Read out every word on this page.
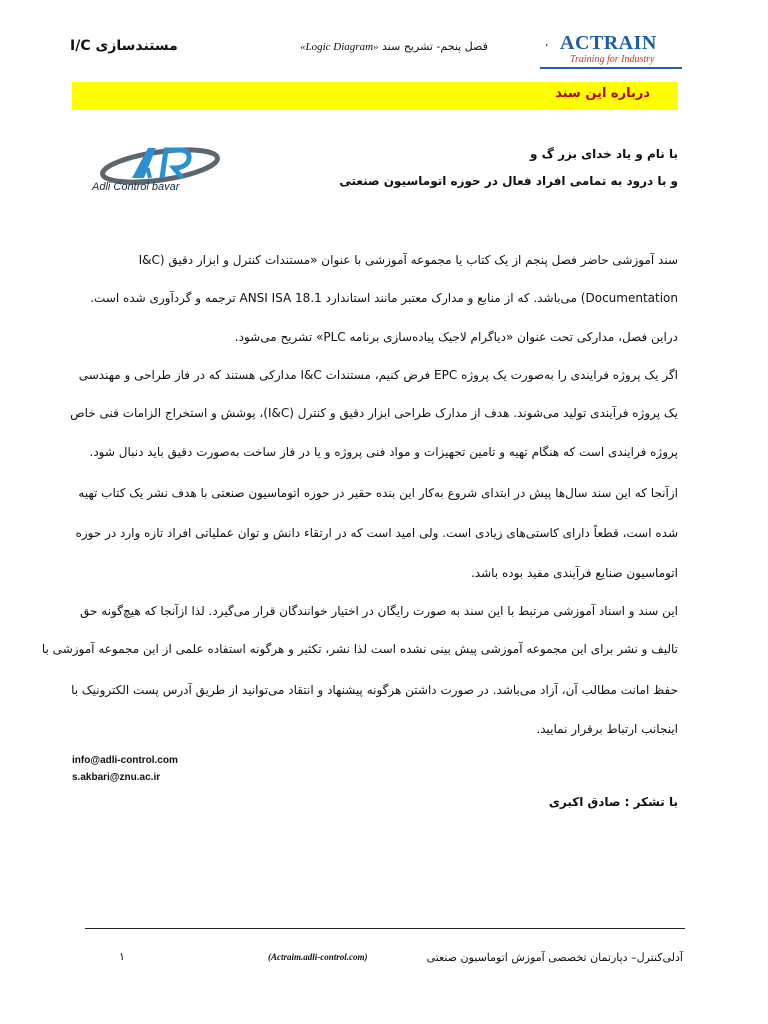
مستندسازی I/C	فصل پنجم- تشریح سند «Logic Diagram»	، ACTRAIN
Training for Industry
درباره این سند
Adli Control bavar
با نام و یاد خدای بزر گ و
و با درود به تمامی افراد فعال در حوزه اتوماسیون صنعتی
سند آموزشی حاضر فصل پنجم از یک کتاب یا مجموعه آموزشی با عنوان «مستندات کنترل و ابزار دقیق (I&C
Documentation) می‌باشد. که از منابع و مدارک معتبر مانند استاندارد ANSI ISA 18.1 ترجمه و گردآوری شده است.
دراین فصل، مدارکی تحت عنوان «دیاگرام لاجیک پیاده‌سازی برنامه PLC» تشریح می‌شود.
اگر یک پروژه فرایندی را به‌صورت یک پروژه EPC فرض کنیم، مستندات I&C مدارکی هستند که در فاز طراحی و مهندسی
یک پروژه فرآیندی تولید می‌شوند. هدف از مدارک طراحی ابزار دقیق و کنترل (I&C)، پوشش و استخراج الزامات فنی خاص
پروژه فرایندی است که هنگام تهیه و تامین تجهیزات و مواد فنی پروژه و یا در فاز ساخت به‌صورت دقیق باید دنبال شود.
ازآنجا که این سند سال‌ها پیش در ابتدای شروع به‌کار این بنده حقیر در حوزه اتوماسیون صنعتی با هدف نشر یک کتاب تهیه
شده است، قطعاً دارای کاستی‌های زیادی است. ولی امید است که در ارتقاء دانش و توان عملیاتی افراد تازه وارد در حوزه
اتوماسیون صنایع فرآیندی مفید بوده باشد.
این سند و اسناد آموزشی مرتبط با این سند به صورت رایگان در اختیار خوانندگان قرار می‌گیرد. لذا ازآنجا که هیچ‌گونه حق
تالیف و نشر برای این مجموعه آموزشی پیش بینی نشده است لذا نشر، تکثیر و هرگونه استفاده علمی از این مجموعه آموزشی با
حفظ امانت مطالب آن، آزاد می‌باشد. در صورت داشتن هرگونه پیشنهاد و انتقاد می‌توانید از طریق آدرس پست الکترونیک با
اینجانب ارتباط برقرار نمایید.
info@adli-control.com
s.akbari@znu.ac.ir
با تشکر : صادق اکبری
آدلی‌کنترل– دپارتمان تخصصی آموزش اتوماسیون صنعتی
(Actraim.adli-control.com)
۱
